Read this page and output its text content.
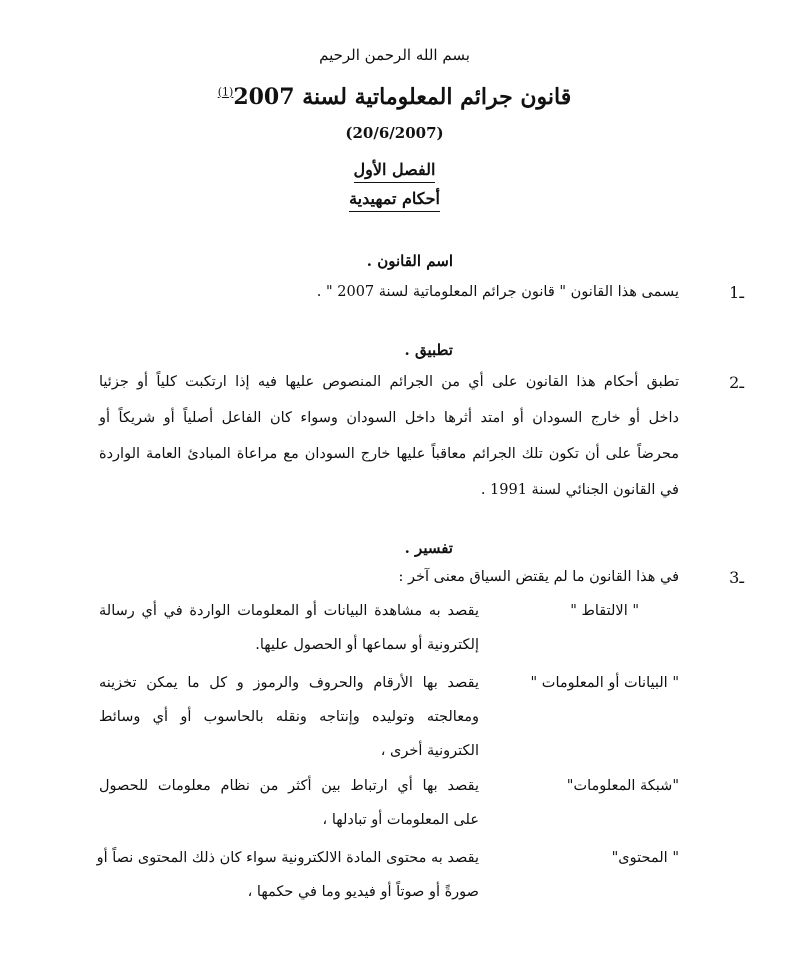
بسم الله الرحمن الرحيم
قانون جرائم المعلوماتية لسنة 2007$^{(1)}$
(20/6/2007)
الفصل الأول
أحكام تمهيدية
اسم القانون .
1ـ
يسمى هذا القانون " قانون جرائم المعلوماتية لسنة 2007 " .
تطبيق .
2ـ
تطبق أحكام هذا القانون على أي من الجرائم المنصوص عليها فيه إذا ارتكبت كلياً أو جزئيا
داخل أو خارج السودان أو امتد أثرها داخل السودان وسواء كان الفاعل أصلياً أو شريكاً أو
محرضاً على أن تكون تلك الجرائم معاقباً عليها خارج السودان مع مراعاة المبادئ العامة الواردة
في القانون الجنائي لسنة 1991 .
تفسير .
3ـ
في هذا القانون ما لم يقتض السياق معنى آخر :
" الالتقاط "
يقصد به مشاهدة البيانات أو المعلومات الواردة في أي رسالة
إلكترونية أو سماعها أو الحصول عليها.
" البيانات أو المعلومات "
يقصد بها الأرقام والحروف والرموز و كل ما يمكن تخزينه
ومعالجته وتوليده وإنتاجه ونقله بالحاسوب أو أي وسائط
الكترونية أخرى ،
"شبكة المعلومات"
يقصد بها أي ارتباط بين أكثر من نظام معلومات للحصول
على المعلومات أو تبادلها ،
" المحتوى"
يقصد به محتوى المادة الالكترونية سواء كان ذلك المحتوى نصاً أو
صورةً أو صوتاً أو فيديو وما في حكمها ،
